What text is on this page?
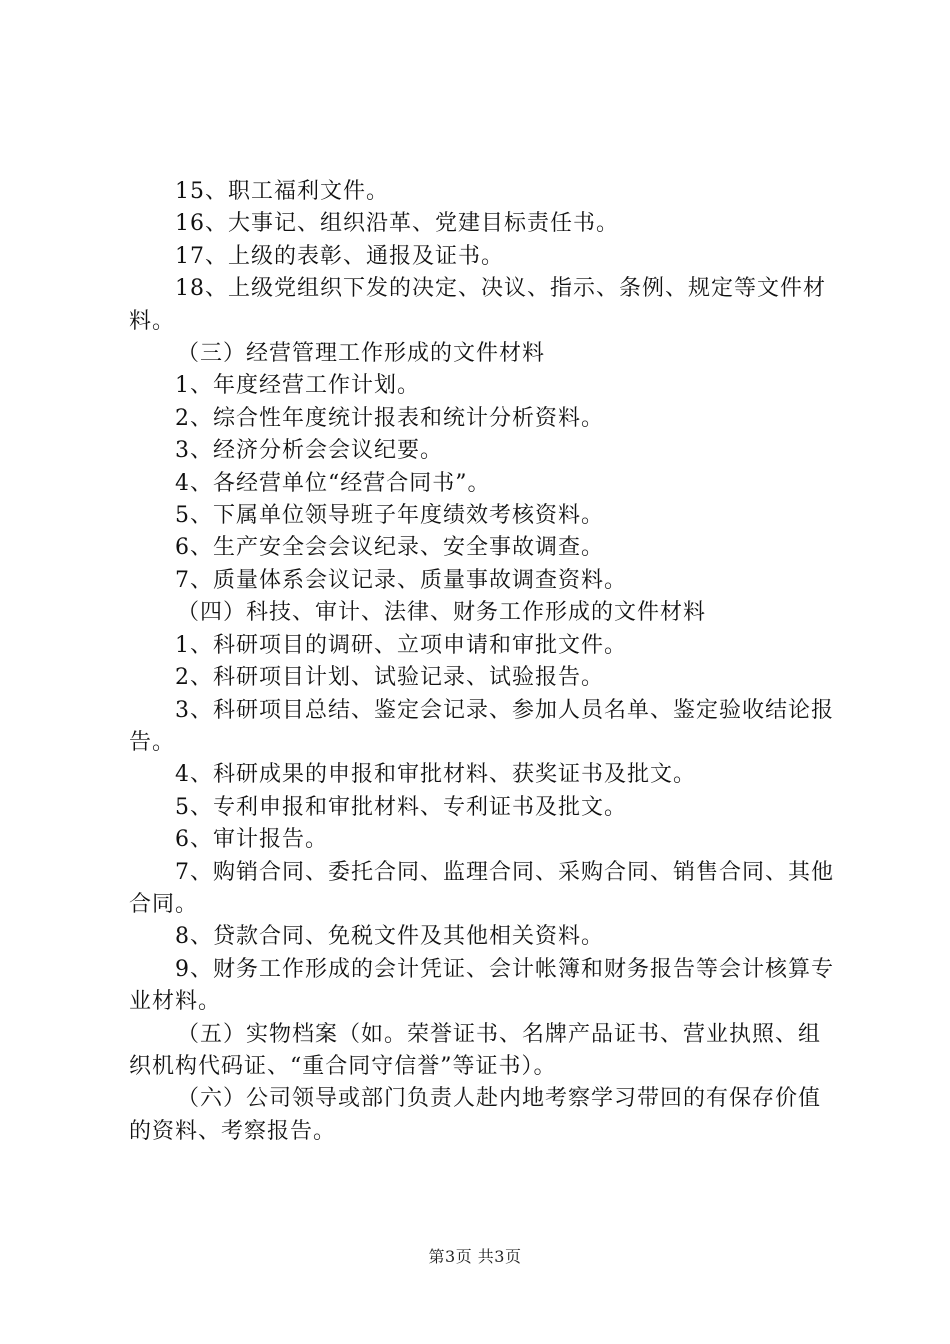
15、职工福利文件。

16、大事记、组织沿革、党建目标责任书。

17、上级的表彰、通报及证书。

18、上级党组织下发的决定、决议、指示、条例、规定等文件材料。

（三）经营管理工作形成的文件材料

1、年度经营工作计划。

2、综合性年度统计报表和统计分析资料。

3、经济分析会会议纪要。

4、各经营单位“经营合同书”。

5、下属单位领导班子年度绩效考核资料。

6、生产安全会会议纪录、安全事故调查。

7、质量体系会议记录、质量事故调查资料。

（四）科技、审计、法律、财务工作形成的文件材料

1、科研项目的调研、立项申请和审批文件。

2、科研项目计划、试验记录、试验报告。

3、科研项目总结、鉴定会记录、参加人员名单、鉴定验收结论报告。

4、科研成果的申报和审批材料、获奖证书及批文。

5、专利申报和审批材料、专利证书及批文。

6、审计报告。

7、购销合同、委托合同、监理合同、采购合同、销售合同、其他合同。

8、贷款合同、免税文件及其他相关资料。

9、财务工作形成的会计凭证、会计帐簿和财务报告等会计核算专业材料。

（五）实物档案（如。荣誉证书、名牌产品证书、营业执照、组织机构代码证、“重合同守信誉”等证书）。

（六）公司领导或部门负责人赴内地考察学习带回的有保存价值的资料、考察报告。

第3页 共3页
